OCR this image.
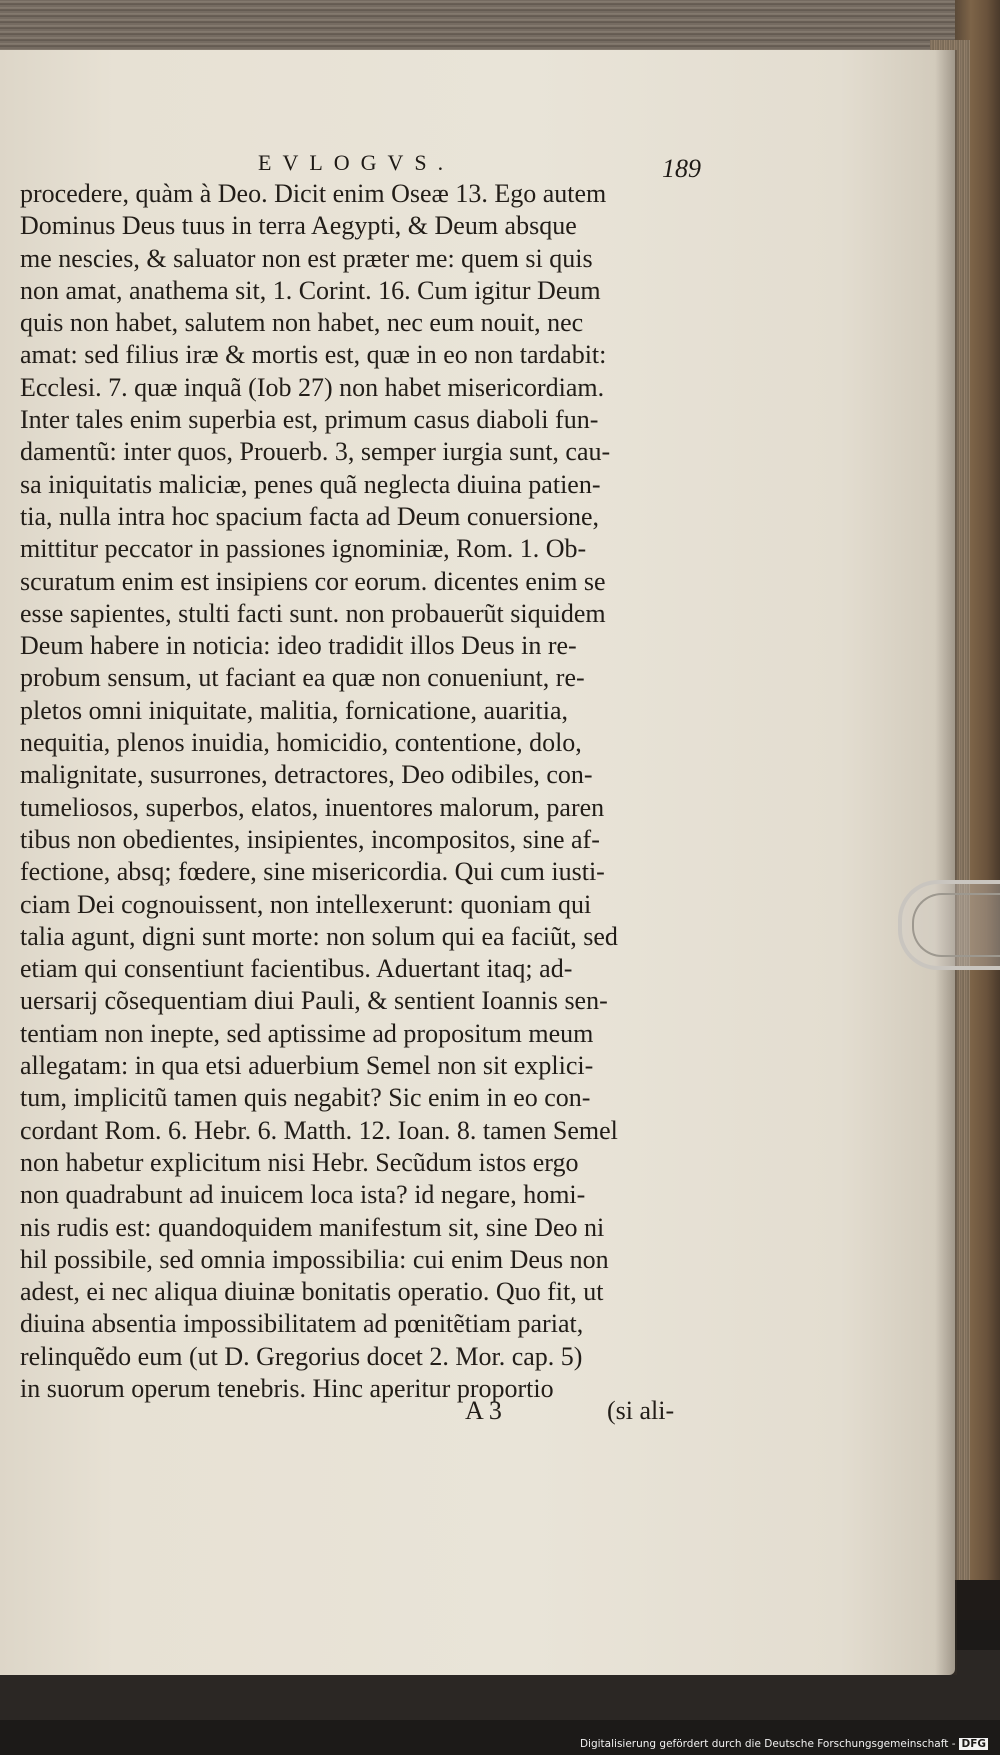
EVLOGVS.	189
procedere, quàm à Deo. Dicit enim Oseæ 13. Ego autem
Dominus Deus tuus in terra Aegypti, & Deum absque
me nescies, & saluator non est præter me: quem si quis
non amat, anathema sit, 1. Corint. 16. Cum igitur Deum
quis non habet, salutem non habet, nec eum nouit, nec
amat: sed filius iræ & mortis est, quæ in eo non tardabit:
Ecclesi. 7. quæ inquã (Iob 27) non habet misericordiam.
Inter tales enim superbia est, primum casus diaboli fun-
damentũ: inter quos, Prouerb. 3, semper iurgia sunt, cau-
sa iniquitatis maliciæ, penes quã neglecta diuina patien-
tia, nulla intra hoc spacium facta ad Deum conuersione,
mittitur peccator in passiones ignominiæ, Rom. 1. Ob-
scuratum enim est insipiens cor eorum. dicentes enim se
esse sapientes, stulti facti sunt. non probauerũt siquidem
Deum habere in noticia: ideo tradidit illos Deus in re-
probum sensum, ut faciant ea quæ non conueniunt, re-
pletos omni iniquitate, malitia, fornicatione, auaritia,
nequitia, plenos inuidia, homicidio, contentione, dolo,
malignitate, susurrones, detractores, Deo odibiles, con-
tumeliosos, superbos, elatos, inuentores malorum, paren
tibus non obedientes, insipientes, incompositos, sine af-
fectione, absq; fœdere, sine misericordia. Qui cum iusti-
ciam Dei cognouissent, non intellexerunt: quoniam qui
talia agunt, digni sunt morte: non solum qui ea faciũt, sed
etiam qui consentiunt facientibus. Aduertant itaq; ad-
uersarij cõsequentiam diui Pauli, & sentient Ioannis sen-
tentiam non inepte, sed aptissime ad propositum meum
allegatam: in qua etsi aduerbium Semel non sit explici-
tum, implicitũ tamen quis negabit? Sic enim in eo con-
cordant Rom. 6. Hebr. 6. Matth. 12. Ioan. 8. tamen Semel
non habetur explicitum nisi Hebr. Secũdum istos ergo
non quadrabunt ad inuicem loca ista? id negare, homi-
nis rudis est: quandoquidem manifestum sit, sine Deo ni
hil possibile, sed omnia impossibilia: cui enim Deus non
adest, ei nec aliqua diuinæ bonitatis operatio. Quo fit, ut
diuina absentia impossibilitatem ad pœnitẽtiam pariat,
relinquẽdo eum (ut D. Gregorius docet 2. Mor. cap. 5)
in suorum operum tenebris. Hinc aperitur proportio
A 3	(si ali-
Digitalisierung gefördert durch die Deutsche Forschungsgemeinschaft - DFG
